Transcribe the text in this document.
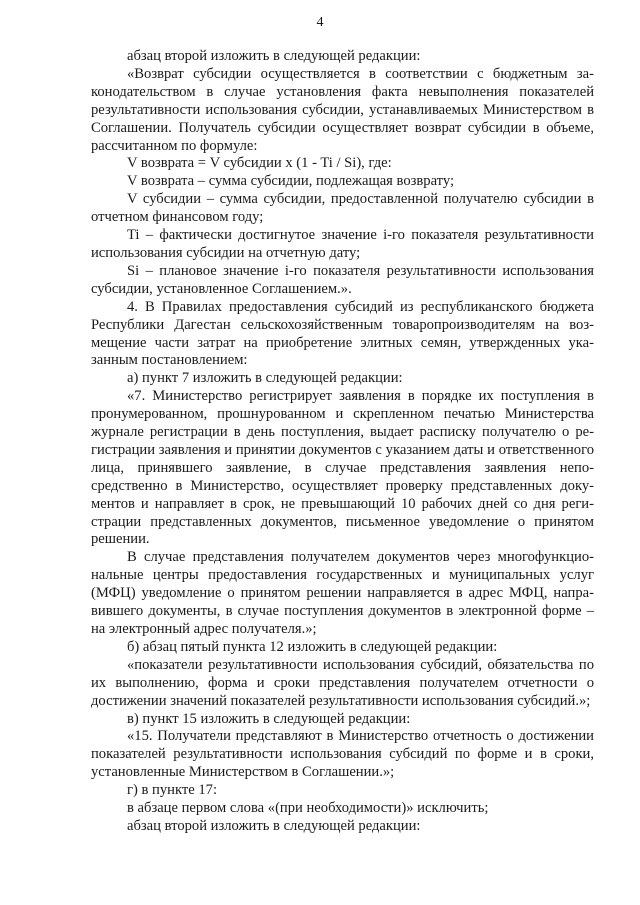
4

абзац второй изложить в следующей редакции:

«Возврат субсидии осуществляется в соответствии с бюджетным законодательством в случае установления факта невыполнения показателей результативности использования субсидии, устанавливаемых Министерством в Соглашении. Получатель субсидии осуществляет возврат субсидии в объеме, рассчитанном по формуле:

V возврата = V субсидии x (1 - Ti / Si), где:

V возврата – сумма субсидии, подлежащая возврату;

V субсидии – сумма субсидии, предоставленной получателю субсидии в отчетном финансовом году;

Ti – фактически достигнутое значение i-го показателя результативности использования субсидии на отчетную дату;

Si – плановое значение i-го показателя результативности использования субсидии, установленное Соглашением.».

4. В Правилах предоставления субсидий из республиканского бюджета Республики Дагестан сельскохозяйственным товаропроизводителям на возмещение части затрат на приобретение элитных семян, утвержденных указанным постановлением:

а) пункт 7 изложить в следующей редакции:

«7. Министерство регистрирует заявления в порядке их поступления в пронумерованном, прошнурованном и скрепленном печатью Министерства журнале регистрации в день поступления, выдает расписку получателю о регистрации заявления и принятии документов с указанием даты и ответственного лица, принявшего заявление, в случае представления заявления непосредственно в Министерство, осуществляет проверку представленных документов и направляет в срок, не превышающий 10 рабочих дней со дня регистрации представленных документов, письменное уведомление о принятом решении.

В случае представления получателем документов через многофункциональные центры предоставления государственных и муниципальных услуг (МФЦ) уведомление о принятом решении направляется в адрес МФЦ, направившего документы, в случае поступления документов в электронной форме – на электронный адрес получателя.»;

б) абзац пятый пункта 12 изложить в следующей редакции:

«показатели результативности использования субсидий, обязательства по их выполнению, форма и сроки представления получателем отчетности о достижении значений показателей результативности использования субсидий.»;

в) пункт 15 изложить в следующей редакции:

«15. Получатели представляют в Министерство отчетность о достижении показателей результативности использования субсидий по форме и в сроки, установленные Министерством в Соглашении.»;

г) в пункте 17:

в абзаце первом слова «(при необходимости)» исключить;

абзац второй изложить в следующей редакции:
